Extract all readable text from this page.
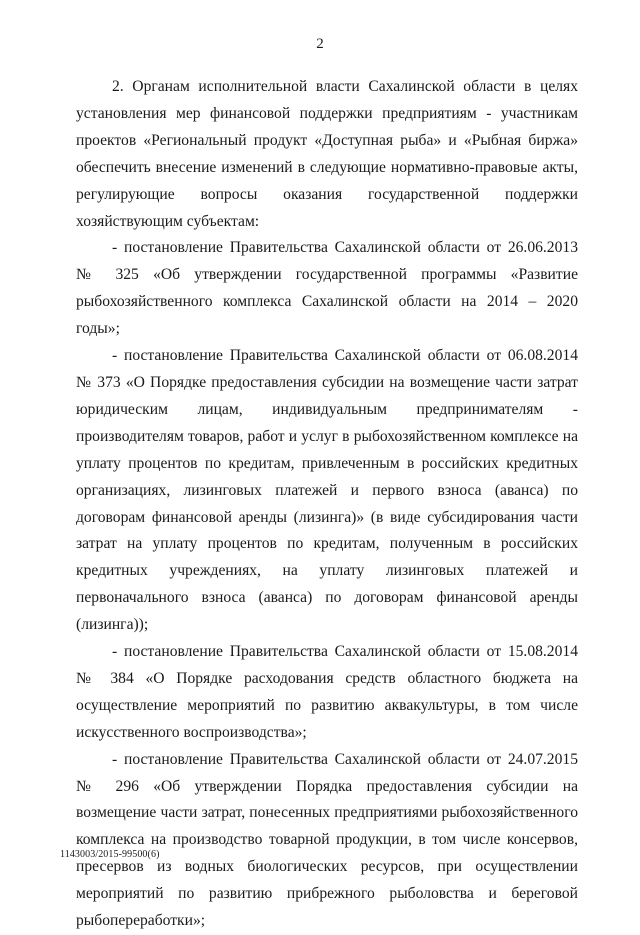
2

2. Органам исполнительной власти Сахалинской области в целях установления мер финансовой поддержки предприятиям - участникам проектов «Региональный продукт «Доступная рыба» и «Рыбная биржа» обеспечить внесение изменений в следующие нормативно-правовые акты, регулирующие вопросы оказания государственной поддержки хозяйствующим субъектам:

- постановление Правительства Сахалинской области от 26.06.2013 № 325 «Об утверждении государственной программы «Развитие рыбохозяйственного комплекса Сахалинской области на 2014 – 2020 годы»;

- постановление Правительства Сахалинской области от 06.08.2014 № 373 «О Порядке предоставления субсидии на возмещение части затрат юридическим лицам, индивидуальным предпринимателям - производителям товаров, работ и услуг в рыбохозяйственном комплексе на уплату процентов по кредитам, привлеченным в российских кредитных организациях, лизинговых платежей и первого взноса (аванса) по договорам финансовой аренды (лизинга)» (в виде субсидирования части затрат на уплату процентов по кредитам, полученным в российских кредитных учреждениях, на уплату лизинговых платежей и первоначального взноса (аванса) по договорам финансовой аренды (лизинга));

- постановление Правительства Сахалинской области от 15.08.2014 № 384 «О Порядке расходования средств областного бюджета на осуществление мероприятий по развитию аквакультуры, в том числе искусственного воспроизводства»;

- постановление Правительства Сахалинской области от 24.07.2015 № 296 «Об утверждении Порядка предоставления субсидии на возмещение части затрат, понесенных предприятиями рыбохозяйственного комплекса на производство товарной продукции, в том числе консервов, пресервов из водных биологических ресурсов, при осуществлении мероприятий по развитию прибрежного рыболовства и береговой рыбопереработки»;

1143003/2015-99500(6)
